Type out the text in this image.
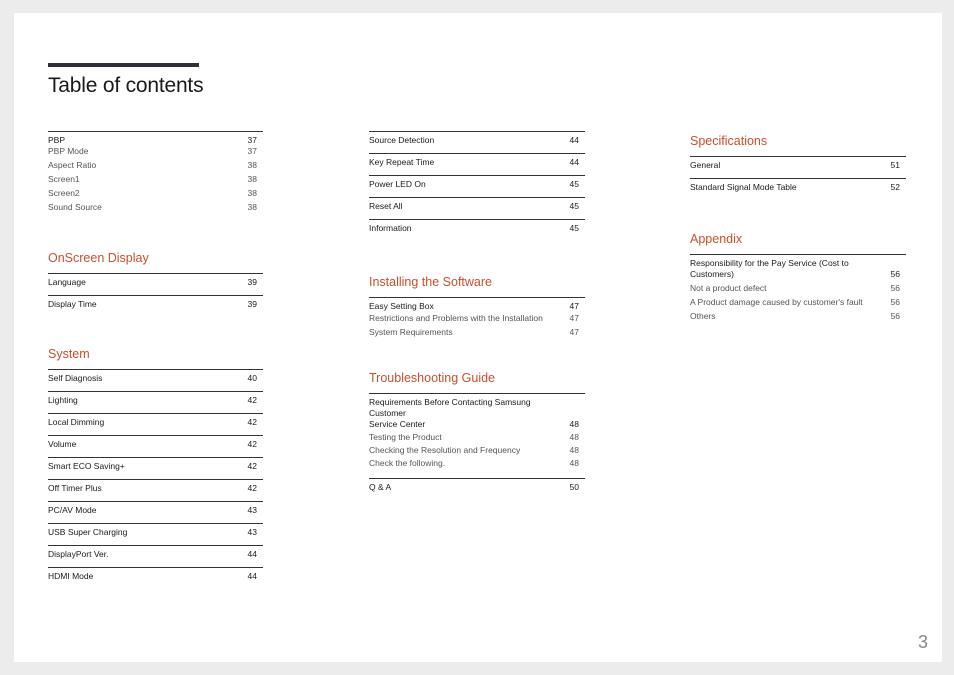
Table of contents
PBP	37
PBP Mode	37
Aspect Ratio	38
Screen1	38
Screen2	38
Sound Source	38
OnScreen Display
Language	39
Display Time	39
System
Self Diagnosis	40
Lighting	42
Local Dimming	42
Volume	42
Smart ECO Saving+	42
Off Timer Plus	42
PC/AV Mode	43
USB Super Charging	43
DisplayPort Ver.	44
HDMI Mode	44
Source Detection	44
Key Repeat Time	44
Power LED On	45
Reset All	45
Information	45
Installing the Software
Easy Setting Box	47
Restrictions and Problems with the Installation	47
System Requirements	47
Troubleshooting Guide
Requirements Before Contacting Samsung Customer
Service Center	48
Testing the Product	48
Checking the Resolution and Frequency	48
Check the following.	48
Q & A	50
Specifications
General	51
Standard Signal Mode Table	52
Appendix
Responsibility for the Pay Service (Cost to
Customers)	56
Not a product defect	56
A Product damage caused by customer's fault	56
Others	56
3
